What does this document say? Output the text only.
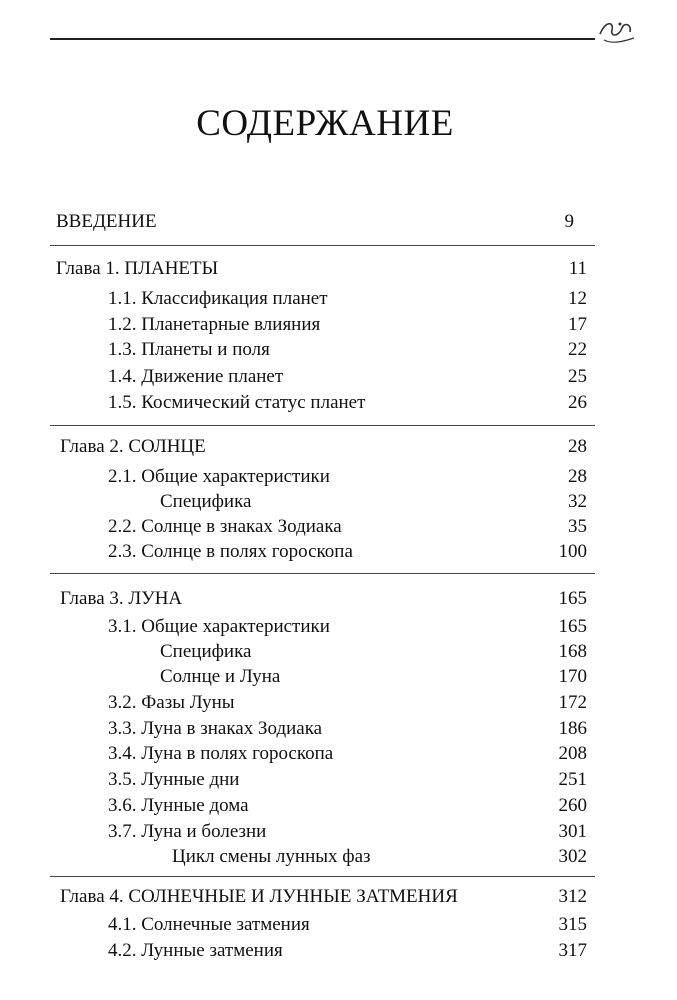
СОДЕРЖАНИЕ
ВВЕДЕНИЕ	9
Глава 1. ПЛАНЕТЫ	11
1.1. Классификация планет	12
1.2. Планетарные влияния	17
1.3. Планеты и поля	22
1.4. Движение планет	25
1.5. Космический статус планет	26
Глава 2. СОЛНЦЕ	28
2.1. Общие характеристики	28
Специфика	32
2.2. Солнце в знаках Зодиака	35
2.3. Солнце в полях гороскопа	100
Глава 3. ЛУНА	165
3.1. Общие характеристики	165
Специфика	168
Солнце и Луна	170
3.2. Фазы Луны	172
3.3. Луна в знаках Зодиака	186
3.4. Луна в полях гороскопа	208
3.5. Лунные дни	251
3.6. Лунные дома	260
3.7. Луна и болезни	301
Цикл смены лунных фаз	302
Глава 4. СОЛНЕЧНЫЕ И ЛУННЫЕ ЗАТМЕНИЯ	312
4.1. Солнечные затмения	315
4.2. Лунные затмения	317
